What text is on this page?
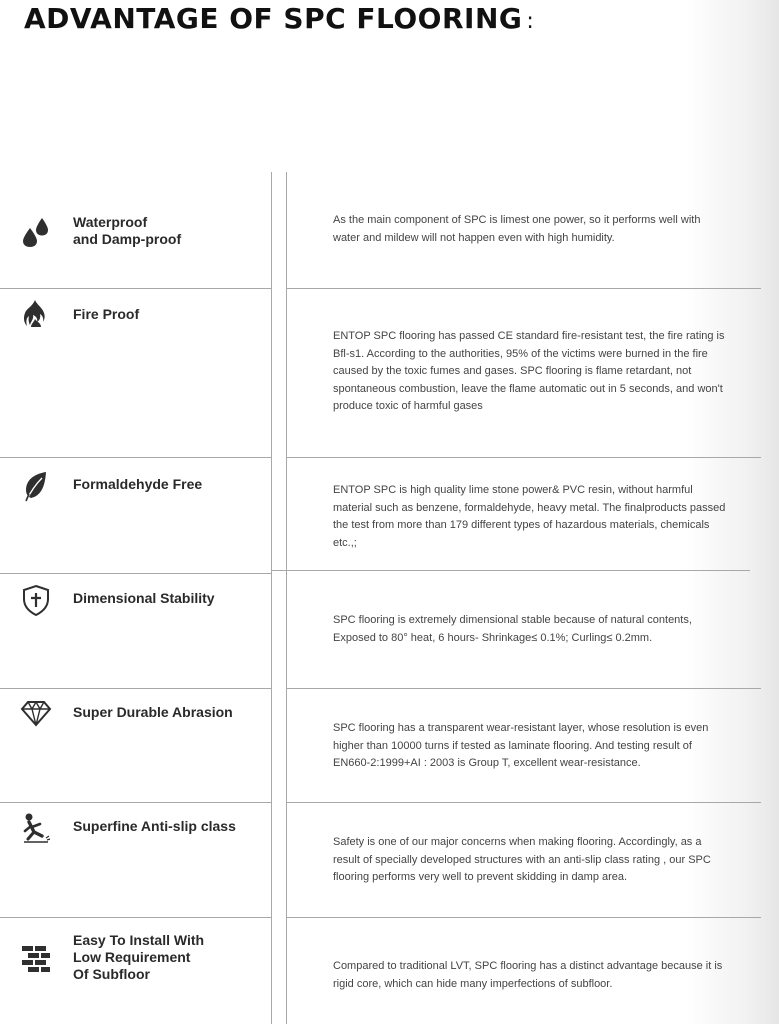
ADVANTAGE OF SPC FLOORING :

Waterproof
and Damp-proof

As the main component of SPC is limest one power, so it performs well with water and mildew will not happen even with high humidity.

Fire Proof

ENTOP SPC flooring has passed CE standard fire-resistant test, the fire rating is Bfl-s1. According to the authorities, 95% of the victims were burned in the fire caused by the toxic fumes and gases. SPC flooring is flame retardant, not spontaneous combustion, leave the flame automatic out in 5 seconds, and won't produce toxic of harmful gases

Formaldehyde Free	ENTOP SPC is high quality lime stone power& PVC resin, without harmful material such as benzene, formaldehyde, heavy metal. The finalproducts passed the test from more than 179 different types of hazardous materials, chemicals etc.,;

Dimensional Stability

SPC flooring is extremely dimensional stable because of natural contents, Exposed to 80° heat, 6 hours- Shrinkage≤ 0.1%; Curling≤ 0.2mm.

Super Durable Abrasion

SPC flooring has a transparent wear-resistant layer, whose resolution is even higher than 10000 turns if tested as laminate flooring. And testing result of EN660-2:1999+AI : 2003 is Group T, excellent wear-resistance.

Superfine Anti-slip class

Safety is one of our major concerns when making flooring. Accordingly, as a result of specially developed structures with an anti-slip class rating , our SPC flooring performs very well to prevent skidding in damp area.

Easy To Install With
Low Requirement
Of Subfloor	Compared to traditional LVT, SPC flooring has a distinct advantage because it is rigid core, which can hide many imperfections of subfloor.
